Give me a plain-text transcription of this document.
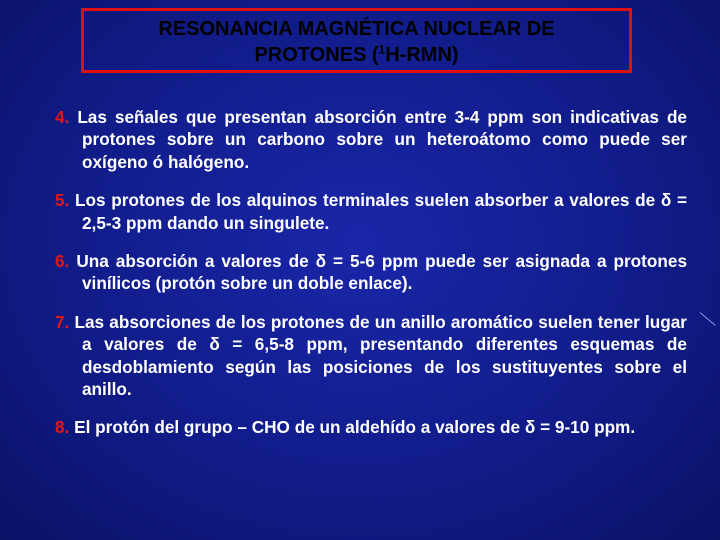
RESONANCIA MAGNÉTICA NUCLEAR DE
PROTONES ($^1$H-RMN)
4. Las señales que presentan absorción entre 3-4 ppm son indicativas de protones sobre un carbono sobre un heteroátomo como puede ser oxígeno ó halógeno.
5. Los protones de los alquinos terminales suelen absorber a valores de δ = 2,5-3 ppm dando un singulete.
6. Una absorción a valores de δ = 5-6 ppm puede ser asignada a protones vinílicos (protón sobre un doble enlace).
7. Las absorciones de los protones de un anillo aromático suelen tener lugar a valores de δ = 6,5-8 ppm, presentando diferentes esquemas de desdoblamiento según las posiciones de los sustituyentes sobre el anillo.
8. El protón del grupo – CHO de un aldehído a valores de δ = 9-10 ppm.
